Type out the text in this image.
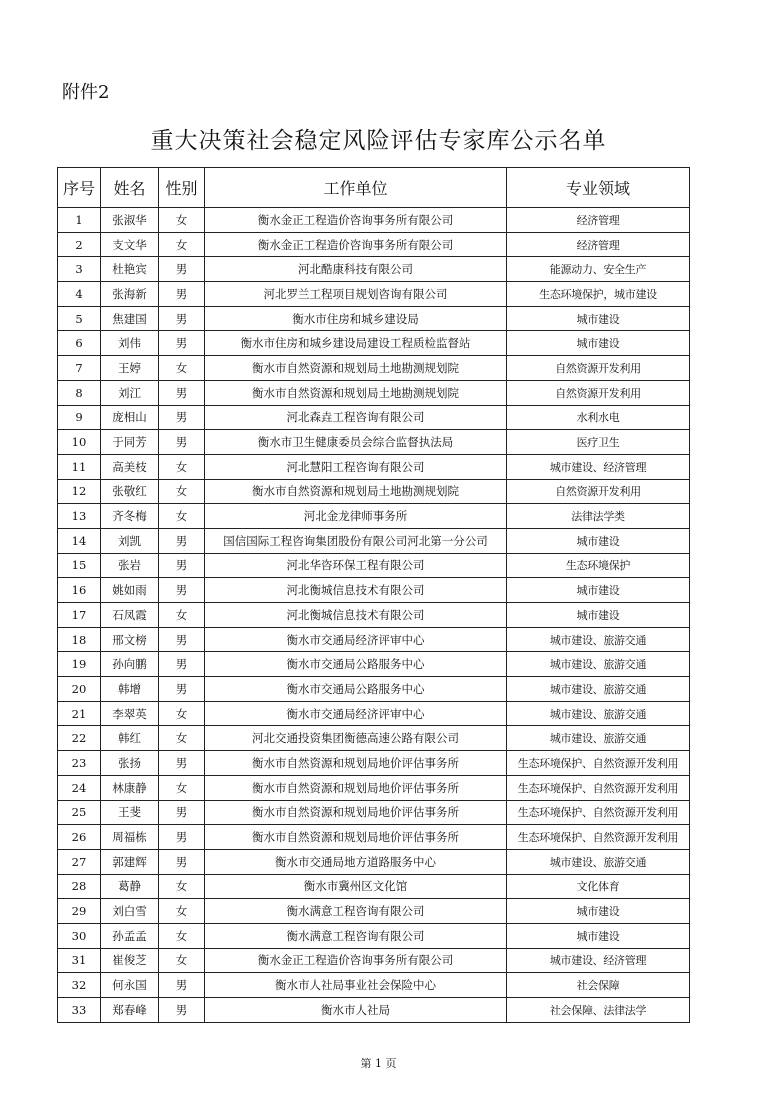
附件2
重大决策社会稳定风险评估专家库公示名单
序号	姓名	性别	工作单位	专业领域
1	张淑华	女	衡水金正工程造价咨询事务所有限公司	经济管理
2	支文华	女	衡水金正工程造价咨询事务所有限公司	经济管理
3	杜艳宾	男	河北酷康科技有限公司	能源动力、安全生产
4	张海新	男	河北罗兰工程项目规划咨询有限公司	生态环境保护，城市建设
5	焦建国	男	衡水市住房和城乡建设局	城市建设
6	刘伟	男	衡水市住房和城乡建设局建设工程质检监督站	城市建设
7	王婷	女	衡水市自然资源和规划局土地勘测规划院	自然资源开发利用
8	刘江	男	衡水市自然资源和规划局土地勘测规划院	自然资源开发利用
9	庞相山	男	河北森垚工程咨询有限公司	水利水电
10	于同芳	男	衡水市卫生健康委员会综合监督执法局	医疗卫生
11	高美枝	女	河北慧阳工程咨询有限公司	城市建设、经济管理
12	张敬红	女	衡水市自然资源和规划局土地勘测规划院	自然资源开发利用
13	齐冬梅	女	河北金龙律师事务所	法律法学类
14	刘凯	男	国信国际工程咨询集团股份有限公司河北第一分公司	城市建设
15	张岩	男	河北华咨环保工程有限公司	生态环境保护
16	姚如雨	男	河北衡城信息技术有限公司	城市建设
17	石凤霞	女	河北衡城信息技术有限公司	城市建设
18	邢文榜	男	衡水市交通局经济评审中心	城市建设、旅游交通
19	孙向鹏	男	衡水市交通局公路服务中心	城市建设、旅游交通
20	韩增	男	衡水市交通局公路服务中心	城市建设、旅游交通
21	李翠英	女	衡水市交通局经济评审中心	城市建设、旅游交通
22	韩红	女	河北交通投资集团衡德高速公路有限公司	城市建设、旅游交通
23	张扬	男	衡水市自然资源和规划局地价评估事务所	生态环境保护、自然资源开发利用
24	林康静	女	衡水市自然资源和规划局地价评估事务所	生态环境保护、自然资源开发利用
25	王斐	男	衡水市自然资源和规划局地价评估事务所	生态环境保护、自然资源开发利用
26	周福栋	男	衡水市自然资源和规划局地价评估事务所	生态环境保护、自然资源开发利用
27	郭建辉	男	衡水市交通局地方道路服务中心	城市建设、旅游交通
28	葛静	女	衡水市冀州区文化馆	文化体育
29	刘白雪	女	衡水满意工程咨询有限公司	城市建设
30	孙孟孟	女	衡水满意工程咨询有限公司	城市建设
31	崔俊芝	女	衡水金正工程造价咨询事务所有限公司	城市建设、经济管理
32	何永国	男	衡水市人社局事业社会保险中心	社会保障
33	郑春峰	男	衡水市人社局	社会保障、法律法学
第 1 页
